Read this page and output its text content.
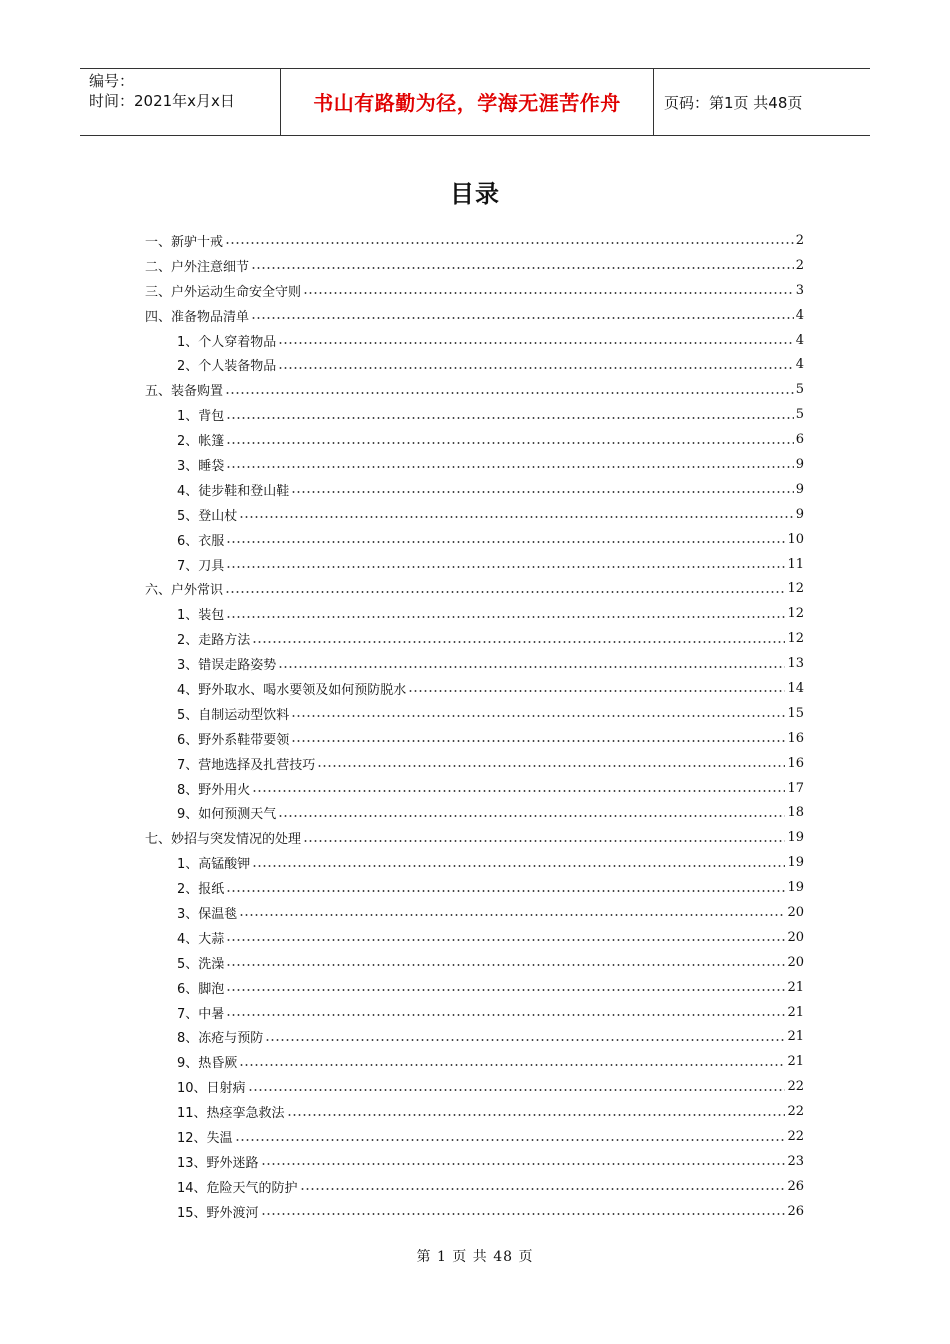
编号：
时间：2021年x月x日	书山有路勤为径，学海无涯苦作舟	页码：第1页 共48页
目录
一、新驴十戒	2
二、户外注意细节	2
三、户外运动生命安全守则	3
四、准备物品清单	4
1、个人穿着物品	4
2、个人装备物品	4
五、装备购置	5
1、背包	5
2、帐篷	6
3、睡袋	9
4、徒步鞋和登山鞋	9
5、登山杖	9
6、衣服	10
7、刀具	11
六、户外常识	12
1、装包	12
2、走路方法	12
3、错误走路姿势	13
4、野外取水、喝水要领及如何预防脱水	14
5、自制运动型饮料	15
6、野外系鞋带要领	16
7、营地选择及扎营技巧	16
8、野外用火	17
9、如何预测天气	18
七、妙招与突发情况的处理	19
1、高锰酸钾	19
2、报纸	19
3、保温毯	20
4、大蒜	20
5、洗澡	20
6、脚泡	21
7、中暑	21
8、冻疮与预防	21
9、热昏厥	21
10、日射病	22
11、热痉挛急救法	22
12、失温	22
13、野外迷路	23
14、危险天气的防护	26
15、野外渡河	26
第 1 页 共 48 页
